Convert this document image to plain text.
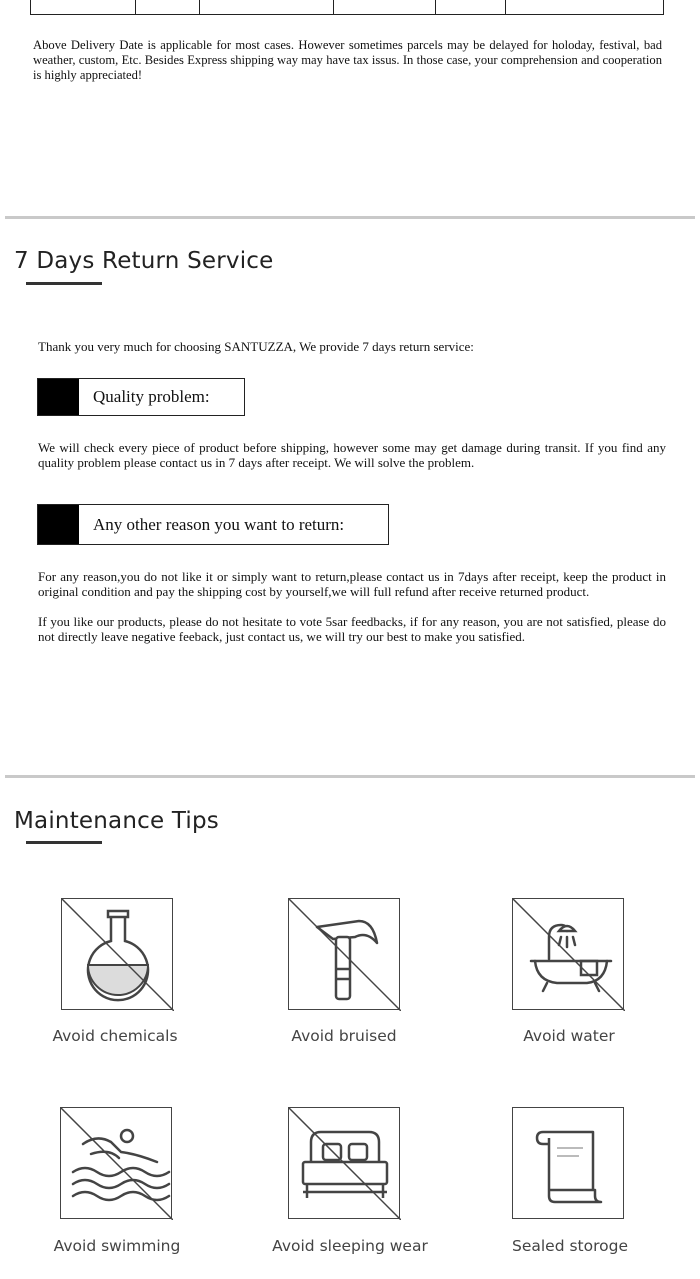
Above Delivery Date is applicable for most cases. However sometimes parcels may be delayed for holoday, festival, bad weather, custom, Etc. Besides Express shipping way may have tax issus. In those case, your comprehension and cooperation is highly appreciated!
7 Days Return Service
Thank you very much for choosing SANTUZZA, We provide 7 days return service:
Quality problem:
We will check every piece of product before shipping, however some may get damage during transit. If you find any quality problem please contact us in 7 days after receipt. We will solve the problem.
Any other reason you want to return:
For any reason,you do not like it or simply want to return,please contact us in 7days after receipt, keep the product in original condition and pay the shipping cost by yourself,we will full refund after receive returned product.
If you like our products, please do not hesitate to vote 5sar feedbacks, if for any reason, you are not satisfied, please do not directly leave negative feeback, just contact us, we will try our best to make you satisfied.
Maintenance Tips
Avoid chemicals	Avoid bruised	Avoid water
Avoid swimming	Avoid sleeping wear	Sealed storoge
